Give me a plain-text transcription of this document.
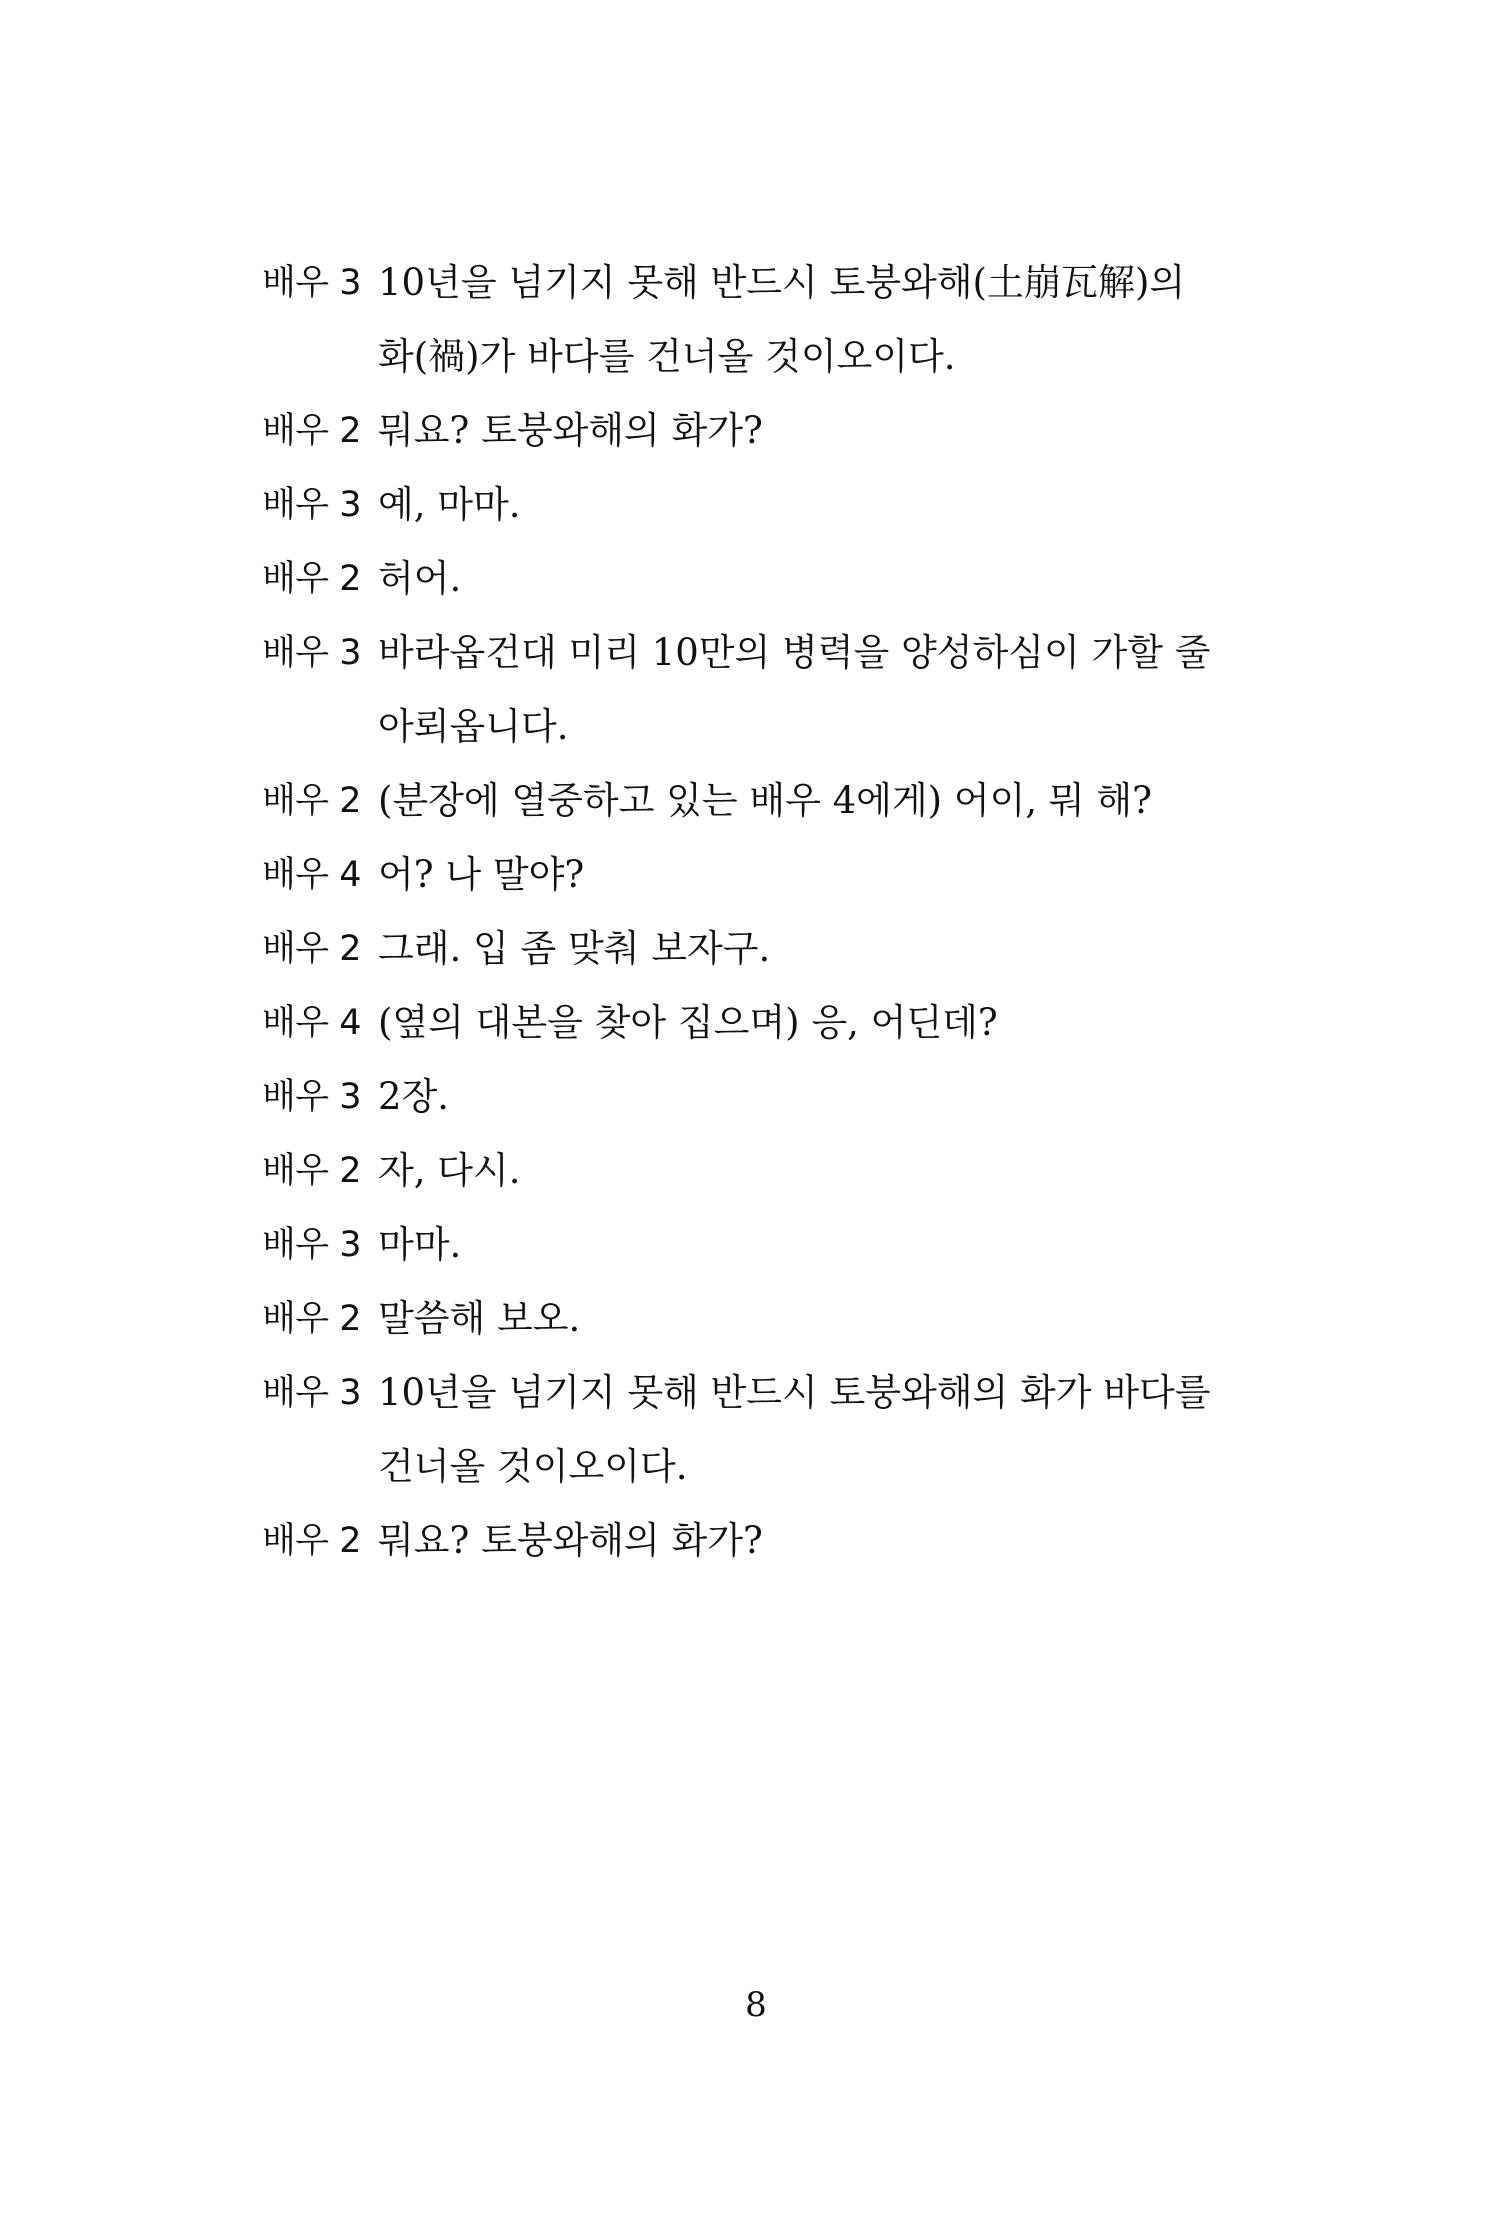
배우 3 10년을 넘기지 못해 반드시 토붕와해(土崩瓦解)의
화(禍)가 바다를 건너올 것이오이다.
배우 2 뭐요? 토붕와해의 화가?
배우 3 예, 마마.
배우 2 허어.
배우 3 바라옵건대 미리 10만의 병력을 양성하심이 가할 줄
아뢰옵니다.
배우 2 (분장에 열중하고 있는 배우 4에게) 어이, 뭐 해?
배우 4 어? 나 말야?
배우 2 그래. 입 좀 맞춰 보자구.
배우 4 (옆의 대본을 찾아 집으며) 응, 어딘데?
배우 3 2장.
배우 2 자, 다시.
배우 3 마마.
배우 2 말씀해 보오.
배우 3 10년을 넘기지 못해 반드시 토붕와해의 화가 바다를
건너올 것이오이다.
배우 2 뭐요? 토붕와해의 화가?
8
